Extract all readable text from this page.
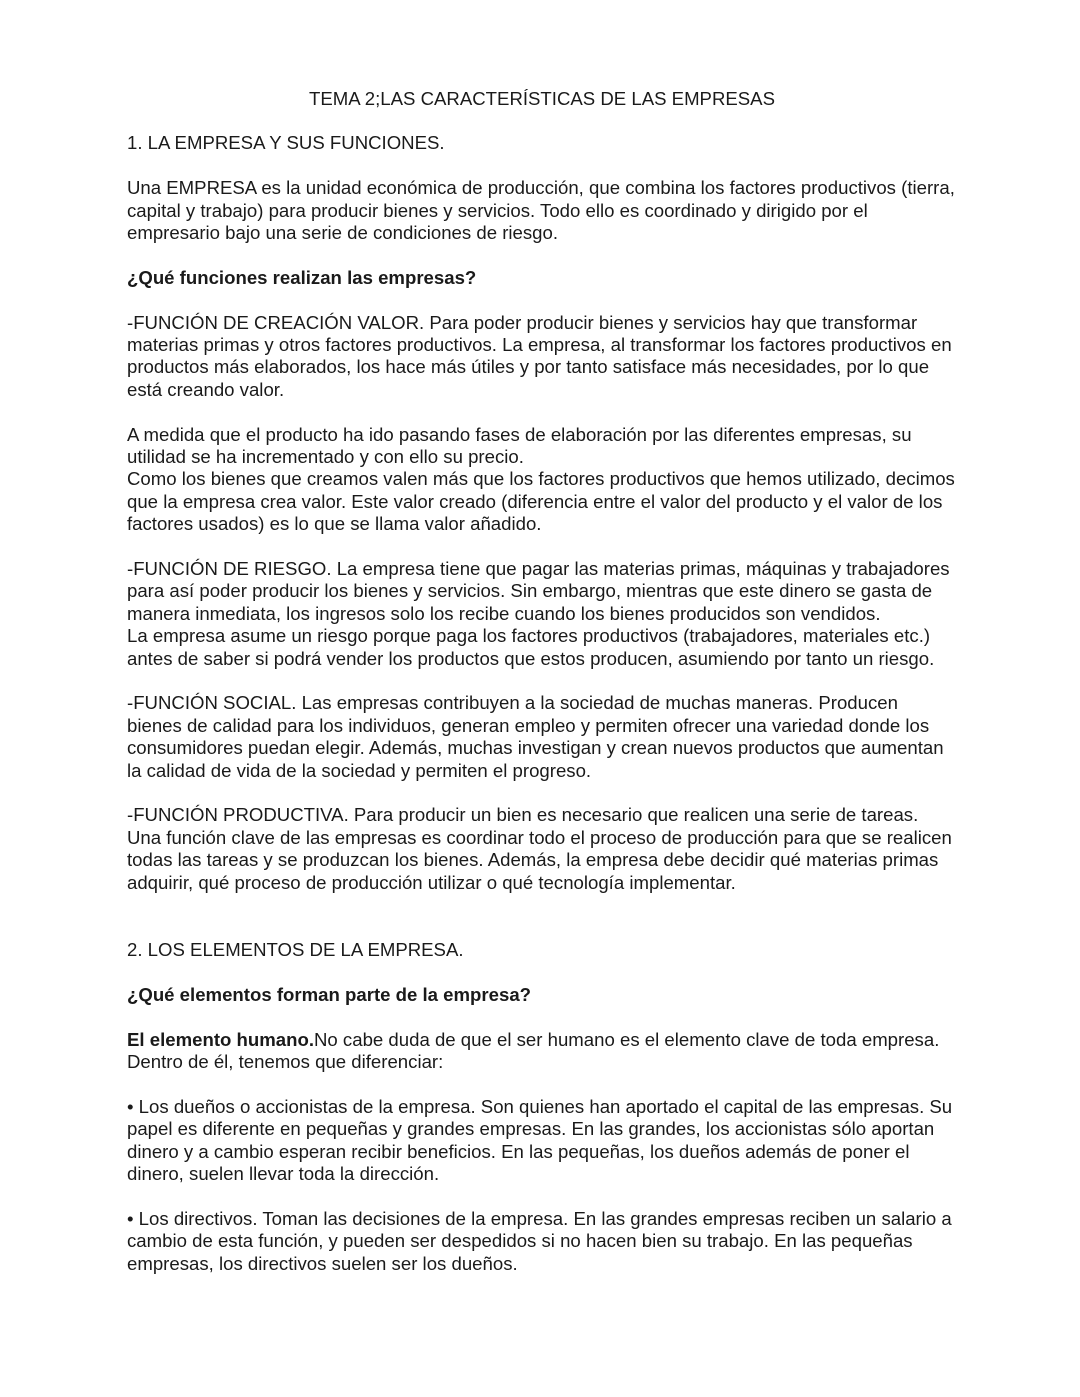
TEMA 2;LAS CARACTERÍSTICAS DE LAS EMPRESAS
1. LA EMPRESA Y SUS FUNCIONES.

Una EMPRESA es la unidad económica de producción, que combina los factores productivos (tierra, capital y trabajo) para producir bienes y servicios. Todo ello es coordinado y dirigido por el empresario bajo una serie de condiciones de riesgo.

¿Qué funciones realizan las empresas?

-FUNCIÓN DE CREACIÓN VALOR. Para poder producir bienes y servicios hay que transformar materias primas y otros factores productivos. La empresa, al transformar los factores productivos en productos más elaborados, los hace más útiles y por tanto satisface más necesidades, por lo que está creando valor.

A medida que el producto ha ido pasando fases de elaboración por las diferentes empresas, su utilidad se ha incrementado y con ello su precio.
Como los bienes que creamos valen más que los factores productivos que hemos utilizado, decimos que la empresa crea valor. Este valor creado (diferencia entre el valor del producto y el valor de los factores usados) es lo que se llama valor añadido.

-FUNCIÓN DE RIESGO. La empresa tiene que pagar las materias primas, máquinas y trabajadores para así poder producir los bienes y servicios. Sin embargo, mientras que este dinero se gasta de manera inmediata, los ingresos solo los recibe cuando los bienes producidos son vendidos.
La empresa asume un riesgo porque paga los factores productivos (trabajadores, materiales etc.) antes de saber si podrá vender los productos que estos producen, asumiendo por tanto un riesgo.

-FUNCIÓN SOCIAL. Las empresas contribuyen a la sociedad de muchas maneras. Producen bienes de calidad para los individuos, generan empleo y permiten ofrecer una variedad donde los consumidores puedan elegir. Además, muchas investigan y crean nuevos productos que aumentan la calidad de vida de la sociedad y permiten el progreso.

-FUNCIÓN PRODUCTIVA. Para producir un bien es necesario que realicen una serie de tareas. Una función clave de las empresas es coordinar todo el proceso de producción para que se realicen todas las tareas y se produzcan los bienes. Además, la empresa debe decidir qué materias primas adquirir, qué proceso de producción utilizar o qué tecnología implementar.

2. LOS ELEMENTOS DE LA EMPRESA.

¿Qué elementos forman parte de la empresa?

El elemento humano.No cabe duda de que el ser humano es el elemento clave de toda empresa. Dentro de él, tenemos que diferenciar:

• Los dueños o accionistas de la empresa. Son quienes han aportado el capital de las empresas. Su papel es diferente en pequeñas y grandes empresas. En las grandes, los accionistas sólo aportan dinero y a cambio esperan recibir beneficios. En las pequeñas, los dueños además de poner el dinero, suelen llevar toda la dirección.

• Los directivos. Toman las decisiones de la empresa. En las grandes empresas reciben un salario a cambio de esta función, y pueden ser despedidos si no hacen bien su trabajo. En las pequeñas empresas, los directivos suelen ser los dueños.
